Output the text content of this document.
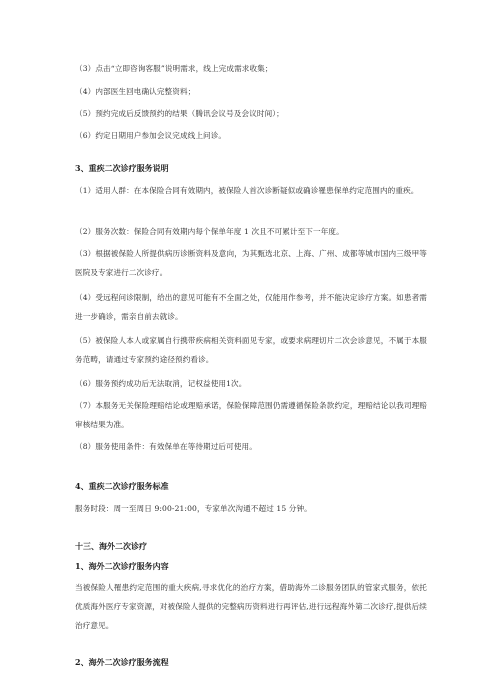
（3）点击“立即咨询客服”说明需求，线上完成需求收集；
（4）内部医生回电确认完整资料；
（5）预约完成后反馈预约的结果（腾讯会议号及会议时间）；
（6）约定日期用户参加会议完成线上问诊。
3、重疾二次诊疗服务说明
（1）适用人群：在本保险合同有效期内，被保险人首次诊断疑似或确诊罹患保单约定范围内的重疾。
（2）服务次数：保险合同有效期内每个保单年度 1 次且不可累计至下一年度。
（3）根据被保险人所提供病历诊断资料及意向，为其甄选北京、上海、广州、成都等城市国内三级甲等医院及专家进行二次诊疗。
（4）受远程问诊限制，给出的意见可能有不全面之处，仅能用作参考，并不能决定诊疗方案。如患者需进一步确诊，需亲自前去就诊。
（5）被保险人本人或家属自行携带疾病相关资料面见专家，或要求病理切片二次会诊意见，不属于本服务范畴，请通过专家预约途径预约看诊。
（6）服务预约成功后无法取消，记权益使用1次。
（7）本服务无关保险理赔结论或理赔承诺，保险保障范围仍需遵循保险条款约定，理赔结论以我司理赔审核结果为准。
（8）服务使用条件：有效保单在等待期过后可使用。
4、重疾二次诊疗服务标准
服务时段：周一至周日 9:00-21:00，专家单次沟通不超过 15 分钟。
十三、海外二次诊疗
1、海外二次诊疗服务内容
当被保险人罹患约定范围的重大疾病,寻求优化的治疗方案，借助海外二诊服务团队的管家式服务，依托优质海外医疗专家资源，对被保险人提供的完整病历资料进行再评估,进行远程海外第二次诊疗,提供后续治疗意见。
2、海外二次诊疗服务流程
